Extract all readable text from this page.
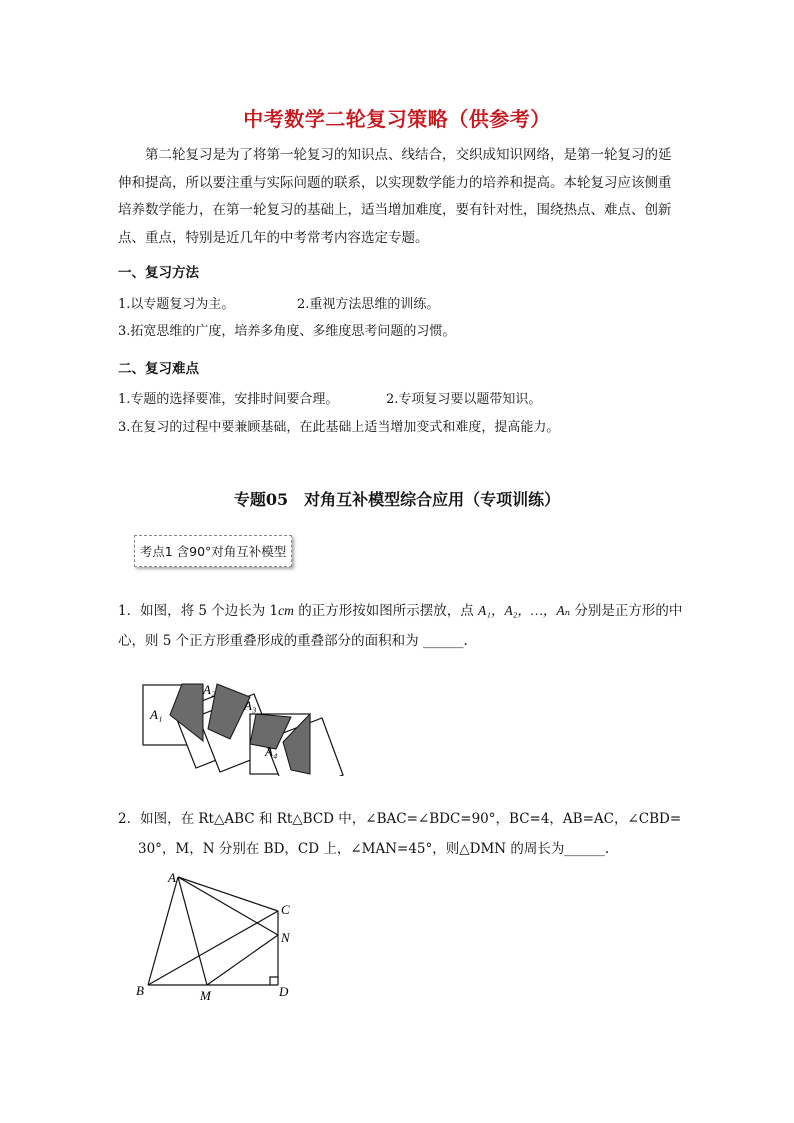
中考数学二轮复习策略（供参考）
第二轮复习是为了将第一轮复习的知识点、线结合，交织成知识网络，是第一轮复习的延伸和提高，所以要注重与实际问题的联系，以实现数学能力的培养和提高。本轮复习应该侧重培养数学能力，在第一轮复习的基础上，适当增加难度，要有针对性，围绕热点、难点、创新点、重点，特别是近几年的中考常考内容选定专题。
一、复习方法
1.以专题复习为主。	2.重视方法思维的训练。
3.拓宽思维的广度，培养多角度、多维度思考问题的习惯。
二、复习难点
1.专题的选择要准，安排时间要合理。	2.专项复习要以题带知识。
3.在复习的过程中要兼顾基础，在此基础上适当增加变式和难度，提高能力。
专题05　对角互补模型综合应用（专项训练）
考点1 含90°对角互补模型
1．如图，将 5 个边长为 1cm 的正方形按如图所示摆放，点 A₁，A₂，…，Aₙ 分别是正方形的中心，则 5 个正方形重叠形成的重叠部分的面积和为 ______.
A₁
A₂
A₃
A₄
2．如图，在 Rt△ABC 和 Rt△BCD 中，∠BAC=∠BDC=90°，BC=4，AB=AC，∠CBD=
30°，M，N 分别在 BD，CD 上，∠MAN=45°，则△DMN 的周长为______.
A
C
N
B	M	D
